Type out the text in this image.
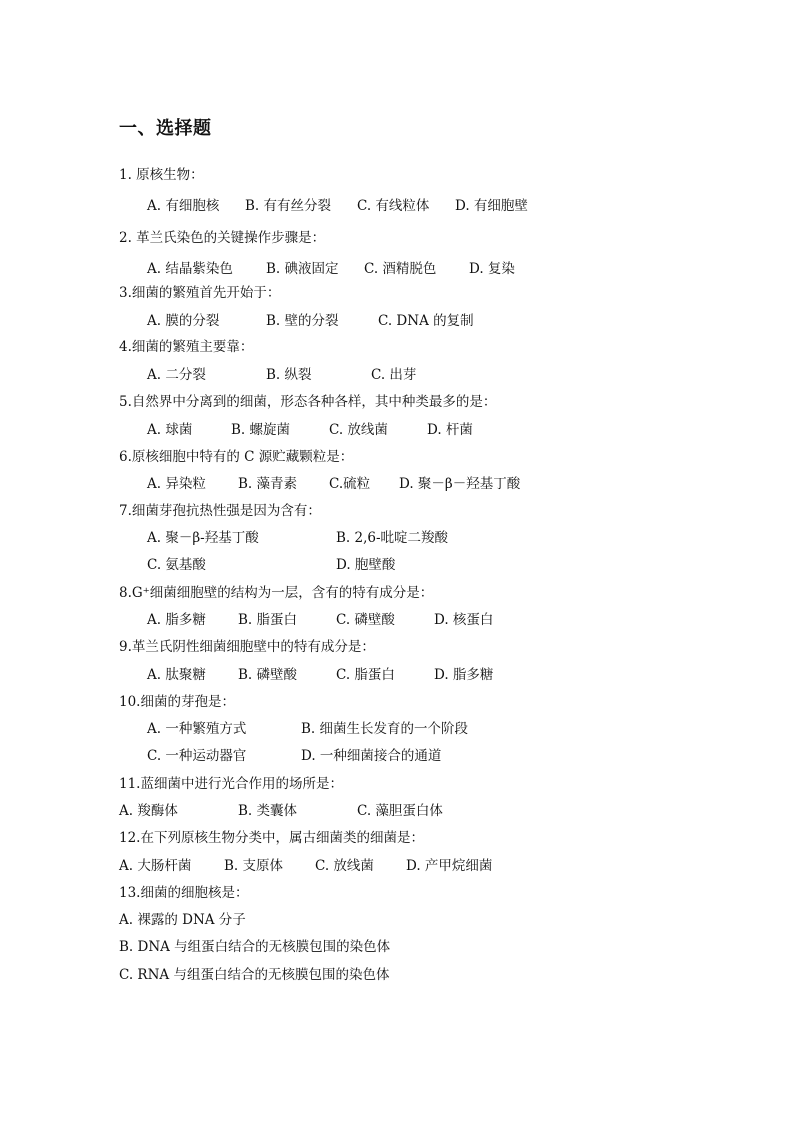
一、选择题
1. 原核生物：
A. 有细胞核 B. 有有丝分裂 C. 有线粒体 D. 有细胞壁
2. 革兰氏染色的关键操作步骤是：
A. 结晶紫染色 B. 碘液固定 C. 酒精脱色 D. 复染
3.细菌的繁殖首先开始于：
A. 膜的分裂	B. 壁的分裂	C. DNA 的复制
4.细菌的繁殖主要靠：
A. 二分裂	B. 纵裂	C. 出芽
5.自然界中分离到的细菌，形态各种各样，其中种类最多的是：
A. 球菌	B. 螺旋菌	C. 放线菌	D. 杆菌
6.原核细胞中特有的 C 源贮藏颗粒是：
A. 异染粒 B. 藻青素 C.硫粒 D. 聚－β－羟基丁酸
7.细菌芽孢抗热性强是因为含有：
A. 聚－β-羟基丁酸	B. 2,6-吡啶二羧酸
C. 氨基酸	D. 胞壁酸
8.G⁺细菌细胞壁的结构为一层，含有的特有成分是：
A. 脂多糖 B. 脂蛋白	C. 磷壁酸	D. 核蛋白
9.革兰氏阴性细菌细胞壁中的特有成分是：
A. 肽聚糖 B. 磷壁酸	C. 脂蛋白	D. 脂多糖
10.细菌的芽孢是：
A. 一种繁殖方式	B. 细菌生长发育的一个阶段
C. 一种运动器官	D. 一种细菌接合的通道
11.蓝细菌中进行光合作用的场所是：
A. 羧酶体	B. 类囊体	C. 藻胆蛋白体
12.在下列原核生物分类中，属古细菌类的细菌是：
A. 大肠杆菌 B. 支原体 C. 放线菌 D. 产甲烷细菌
13.细菌的细胞核是：
A. 裸露的 DNA 分子
B. DNA 与组蛋白结合的无核膜包围的染色体
C. RNA 与组蛋白结合的无核膜包围的染色体
